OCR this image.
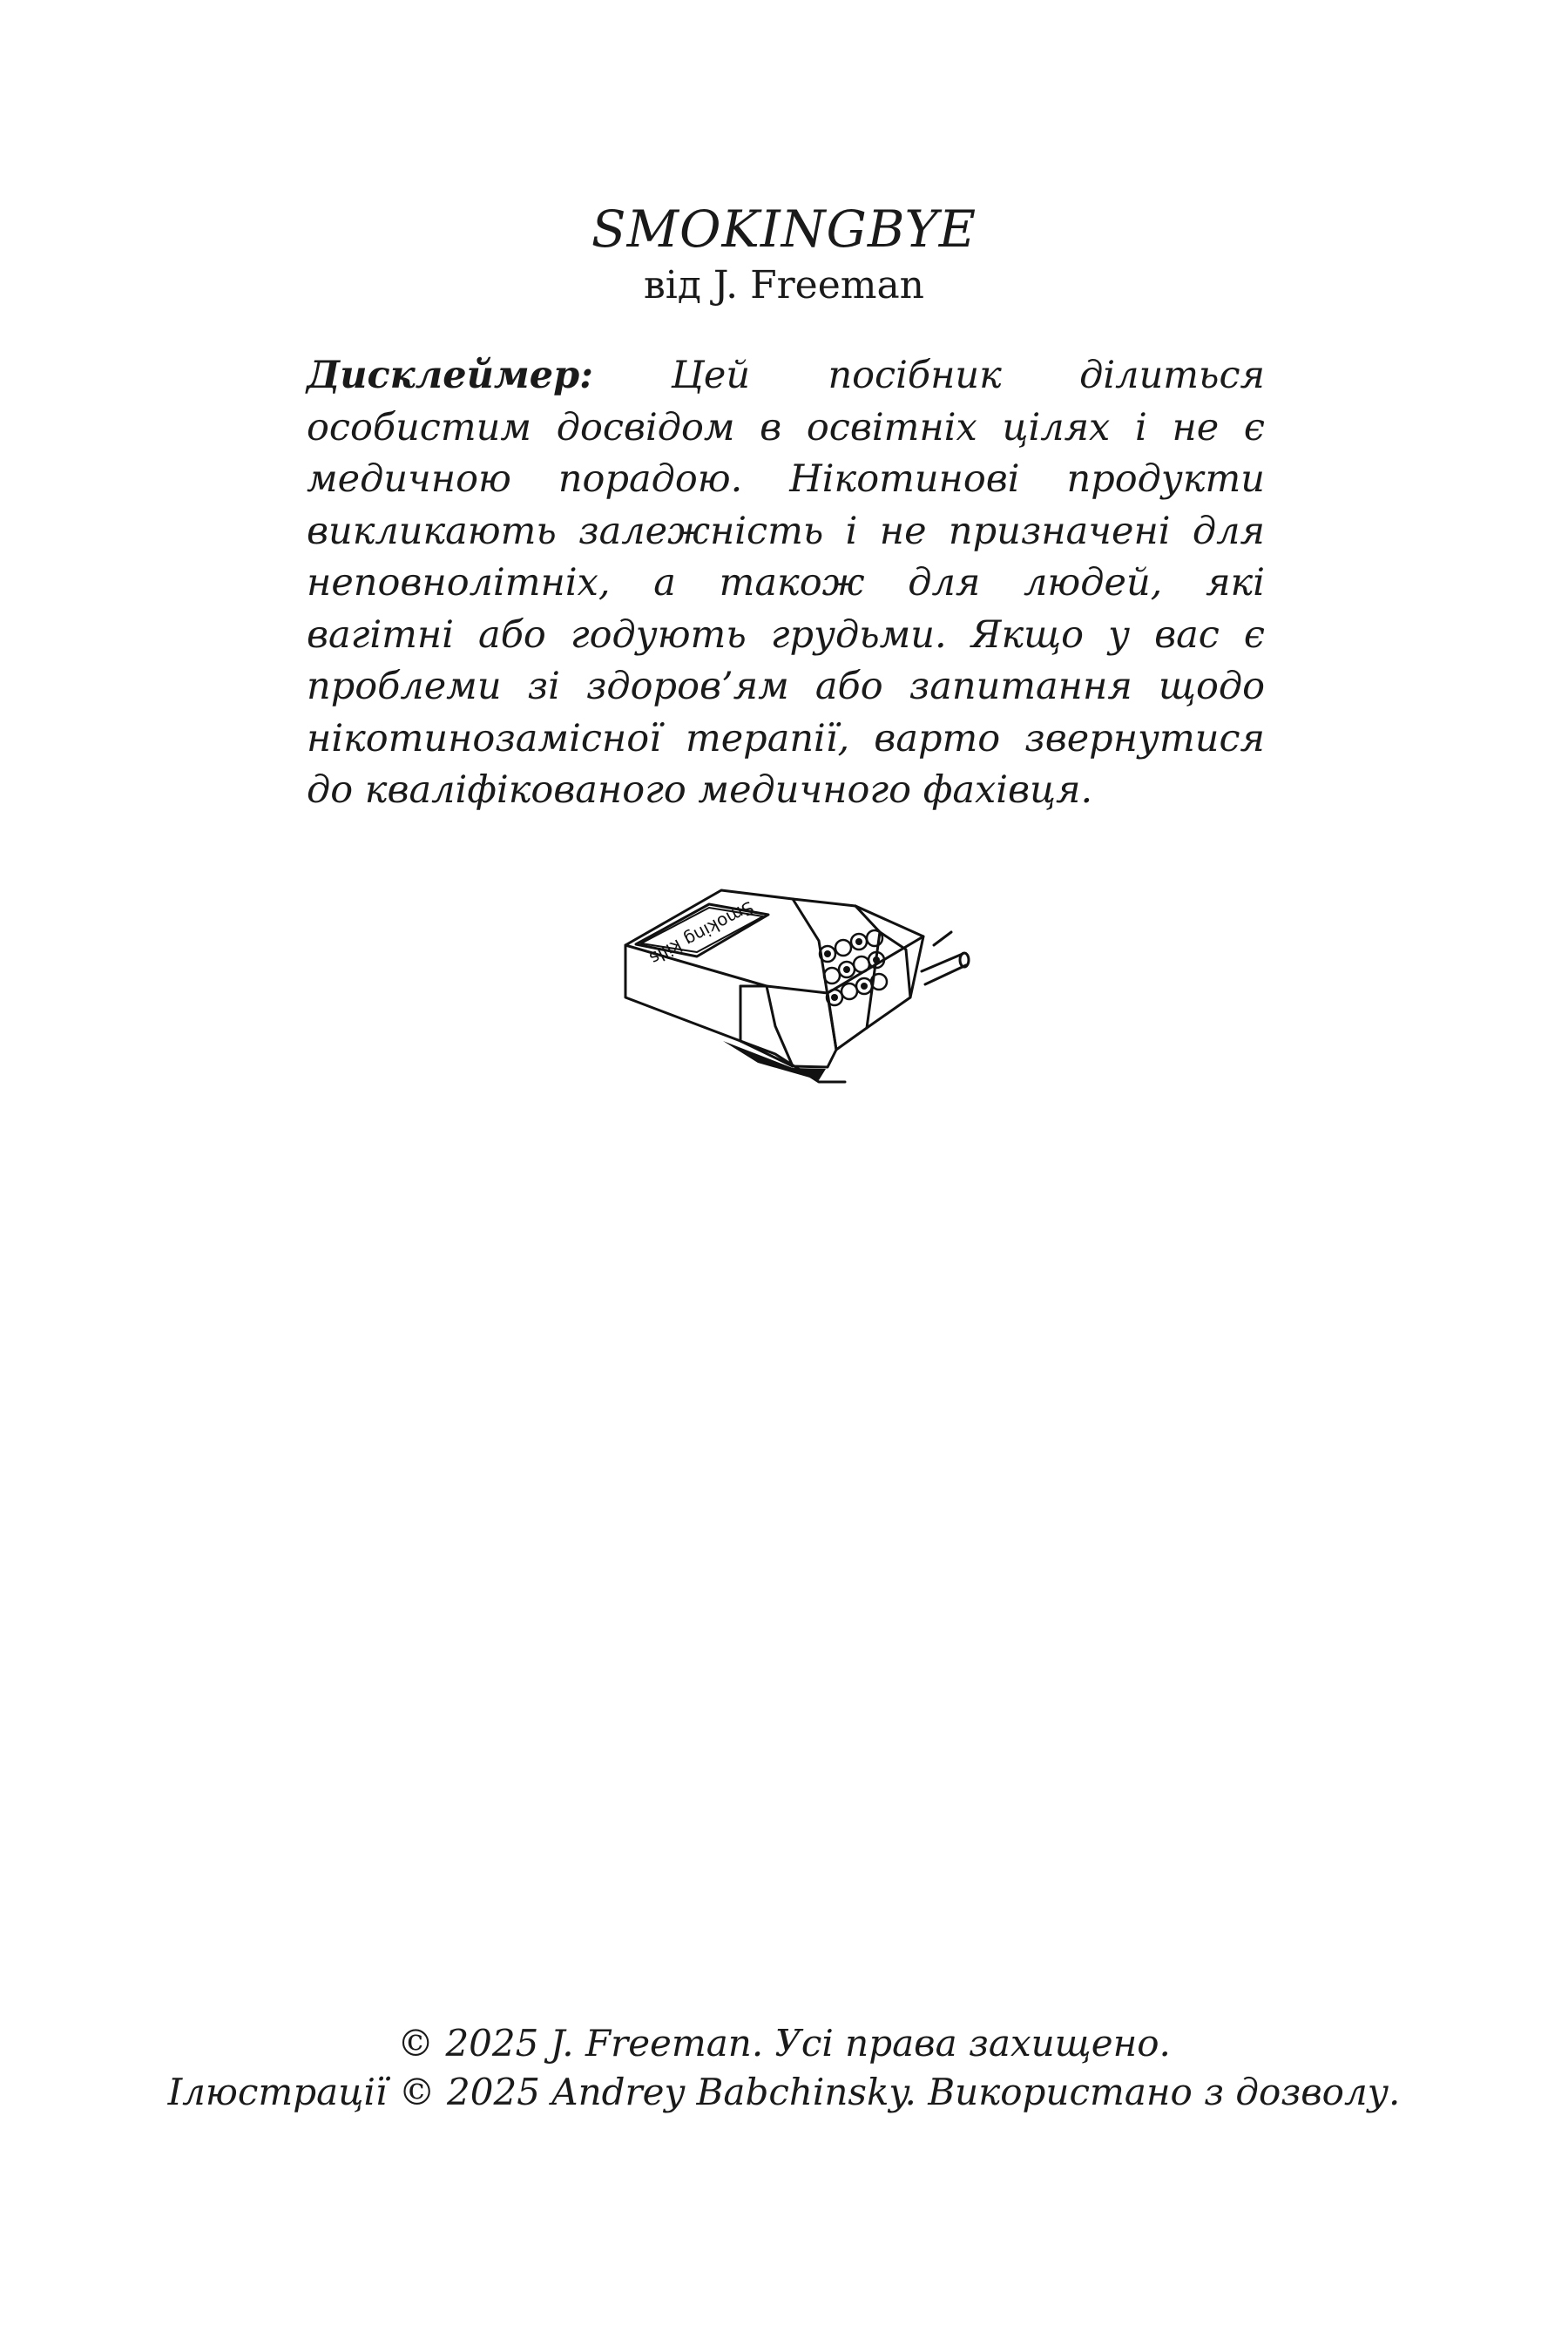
SMOKINGBYE
від J. Freeman

Дисклеймер: Цей посібник ділиться особистим досвідом в освітніх цілях і не є медичною порадою. Нікотинові продукти викликають залежність і не призначені для неповнолітніх, а також для людей, які вагітні або годують грудьми. Якщо у вас є проблеми зі здоров’ям або запитання щодо нікотинозамісної терапії, варто звернутися до кваліфікованого медичного фахівця.

Smoking kills
© 2025 J. Freeman. Усі права захищено.
Ілюстрації © 2025 Andrey Babchinsky. Використано з дозволу.
